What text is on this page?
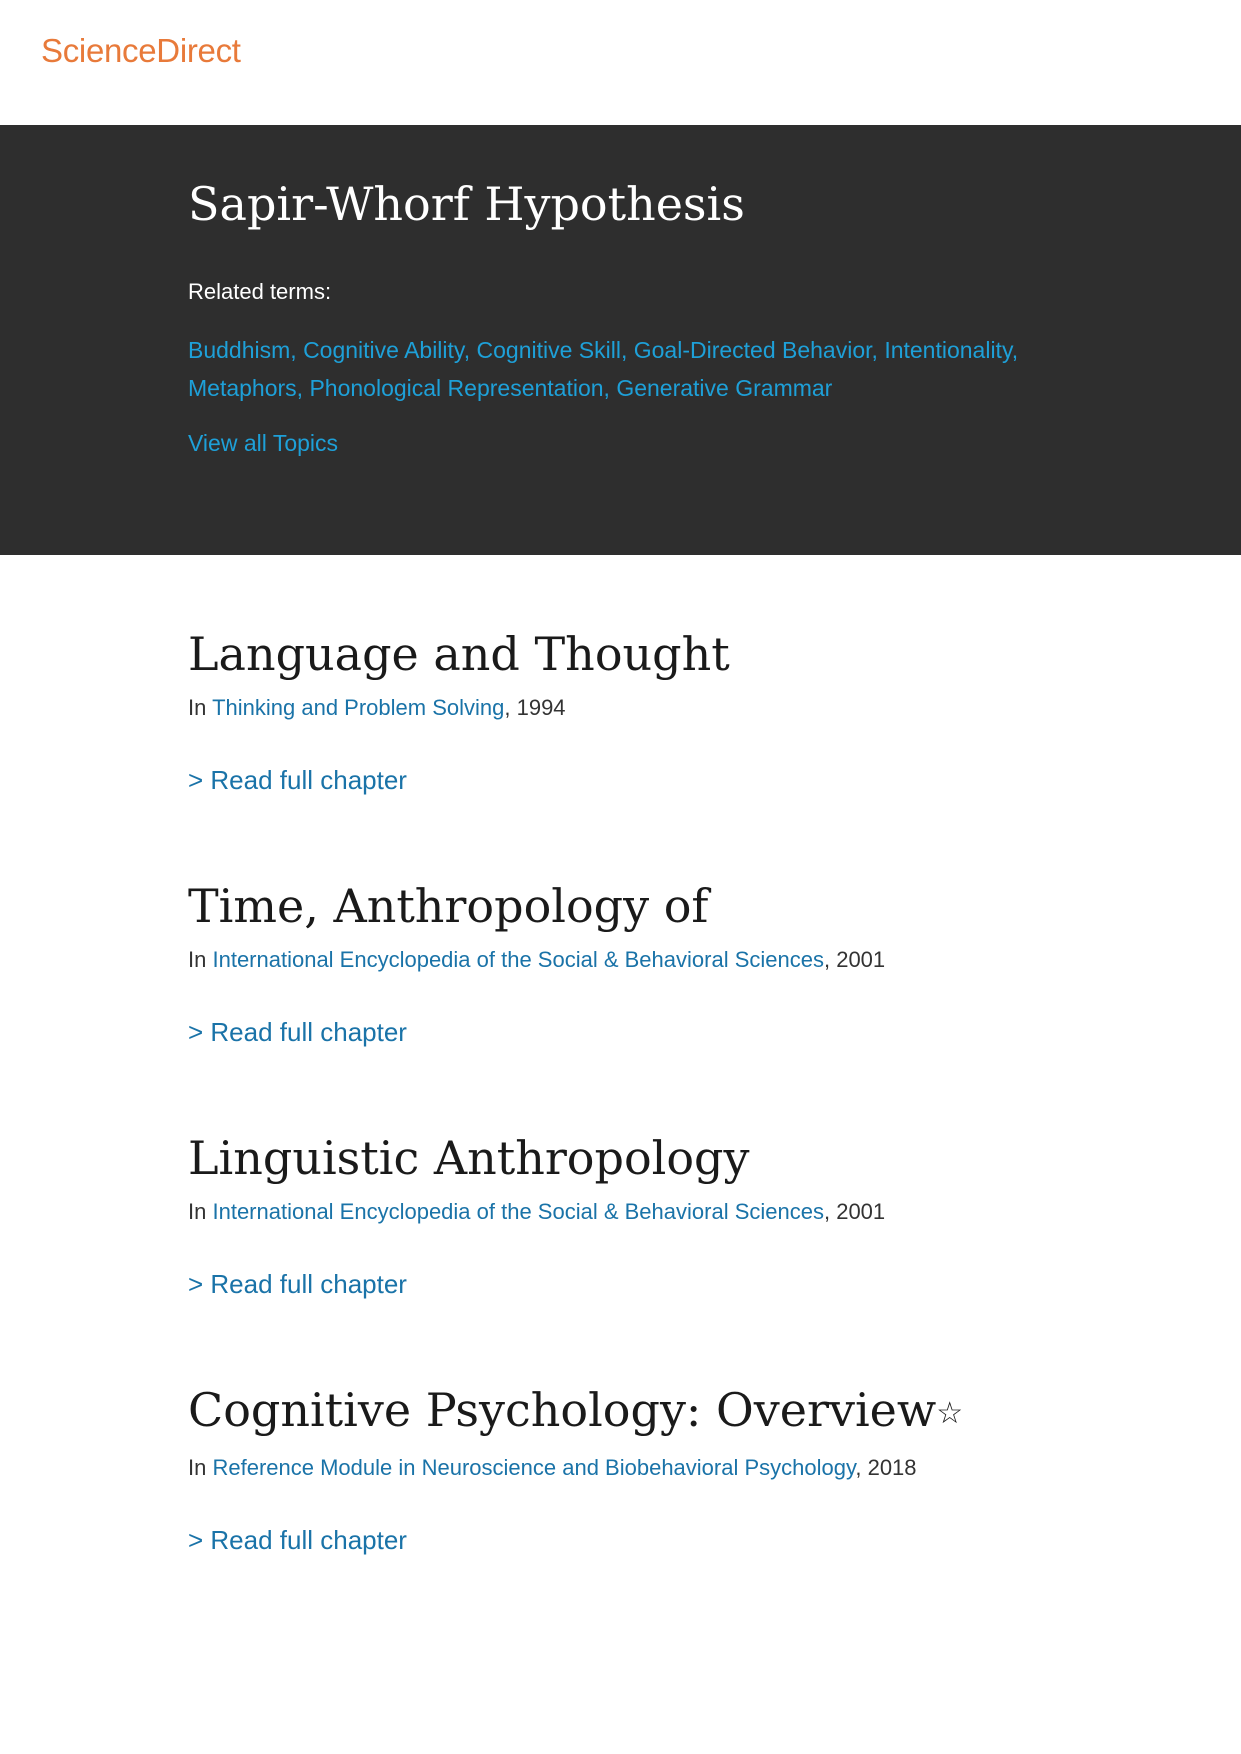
ScienceDirect
Sapir-Whorf Hypothesis
Related terms:
Buddhism, Cognitive Ability, Cognitive Skill, Goal-Directed Behavior, Intentionality,
Metaphors, Phonological Representation, Generative Grammar
View all Topics
Language and Thought
In Thinking and Problem Solving, 1994
> Read full chapter
Time, Anthropology of
In International Encyclopedia of the Social & Behavioral Sciences, 2001
> Read full chapter
Linguistic Anthropology
In International Encyclopedia of the Social & Behavioral Sciences, 2001
> Read full chapter
Cognitive Psychology: Overview☆
In Reference Module in Neuroscience and Biobehavioral Psychology, 2018
> Read full chapter
